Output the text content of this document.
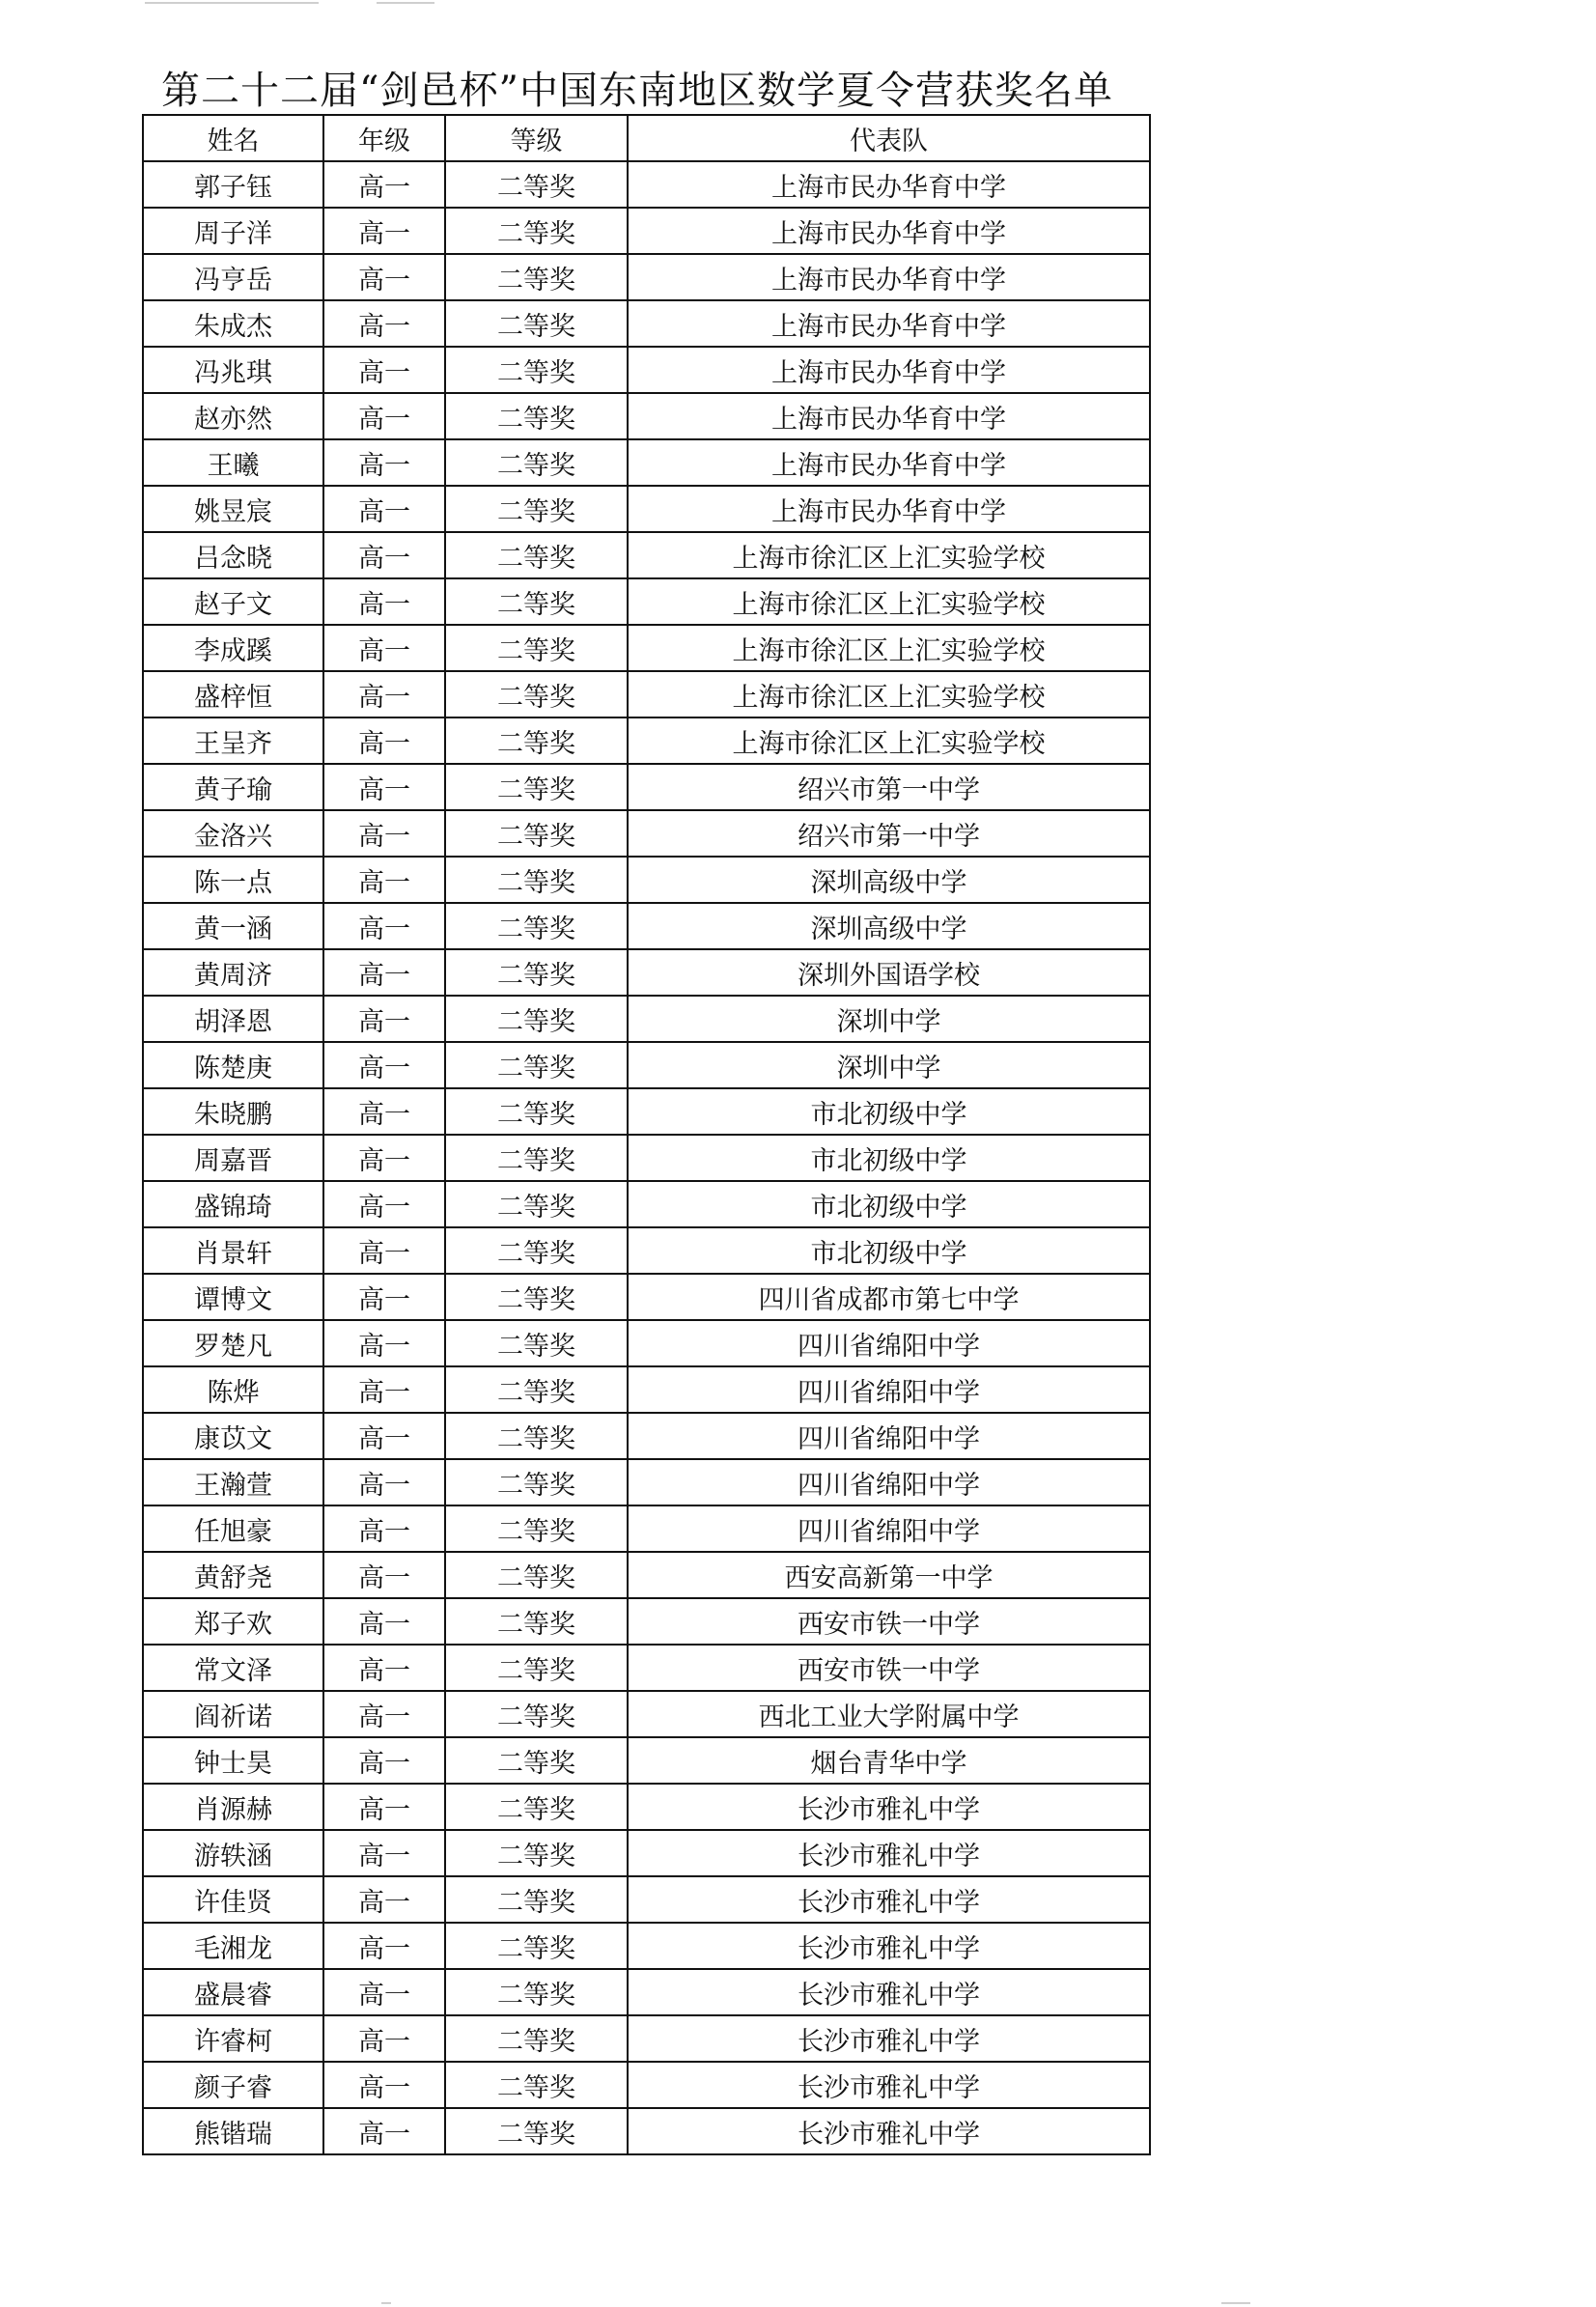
第二十二届“剑邑杯”中国东南地区数学夏令营获奖名单
姓名	年级	等级	代表队
郭子钰	高一	二等奖	上海市民办华育中学
周子洋	高一	二等奖	上海市民办华育中学
冯亨岳	高一	二等奖	上海市民办华育中学
朱成杰	高一	二等奖	上海市民办华育中学
冯兆琪	高一	二等奖	上海市民办华育中学
赵亦然	高一	二等奖	上海市民办华育中学
王曦	高一	二等奖	上海市民办华育中学
姚昱宸	高一	二等奖	上海市民办华育中学
吕念晓	高一	二等奖	上海市徐汇区上汇实验学校
赵子文	高一	二等奖	上海市徐汇区上汇实验学校
李成蹊	高一	二等奖	上海市徐汇区上汇实验学校
盛梓恒	高一	二等奖	上海市徐汇区上汇实验学校
王呈齐	高一	二等奖	上海市徐汇区上汇实验学校
黄子瑜	高一	二等奖	绍兴市第一中学
金洛兴	高一	二等奖	绍兴市第一中学
陈一点	高一	二等奖	深圳高级中学
黄一涵	高一	二等奖	深圳高级中学
黄周济	高一	二等奖	深圳外国语学校
胡泽恩	高一	二等奖	深圳中学
陈楚庚	高一	二等奖	深圳中学
朱晓鹏	高一	二等奖	市北初级中学
周嘉晋	高一	二等奖	市北初级中学
盛锦琦	高一	二等奖	市北初级中学
肖景轩	高一	二等奖	市北初级中学
谭博文	高一	二等奖	四川省成都市第七中学
罗楚凡	高一	二等奖	四川省绵阳中学
陈烨	高一	二等奖	四川省绵阳中学
康苡文	高一	二等奖	四川省绵阳中学
王瀚萱	高一	二等奖	四川省绵阳中学
任旭豪	高一	二等奖	四川省绵阳中学
黄舒尧	高一	二等奖	西安高新第一中学
郑子欢	高一	二等奖	西安市铁一中学
常文泽	高一	二等奖	西安市铁一中学
阎祈诺	高一	二等奖	西北工业大学附属中学
钟士昊	高一	二等奖	烟台青华中学
肖源赫	高一	二等奖	长沙市雅礼中学
游轶涵	高一	二等奖	长沙市雅礼中学
许佳贤	高一	二等奖	长沙市雅礼中学
毛湘龙	高一	二等奖	长沙市雅礼中学
盛晨睿	高一	二等奖	长沙市雅礼中学
许睿柯	高一	二等奖	长沙市雅礼中学
颜子睿	高一	二等奖	长沙市雅礼中学
熊锴瑞	高一	二等奖	长沙市雅礼中学
